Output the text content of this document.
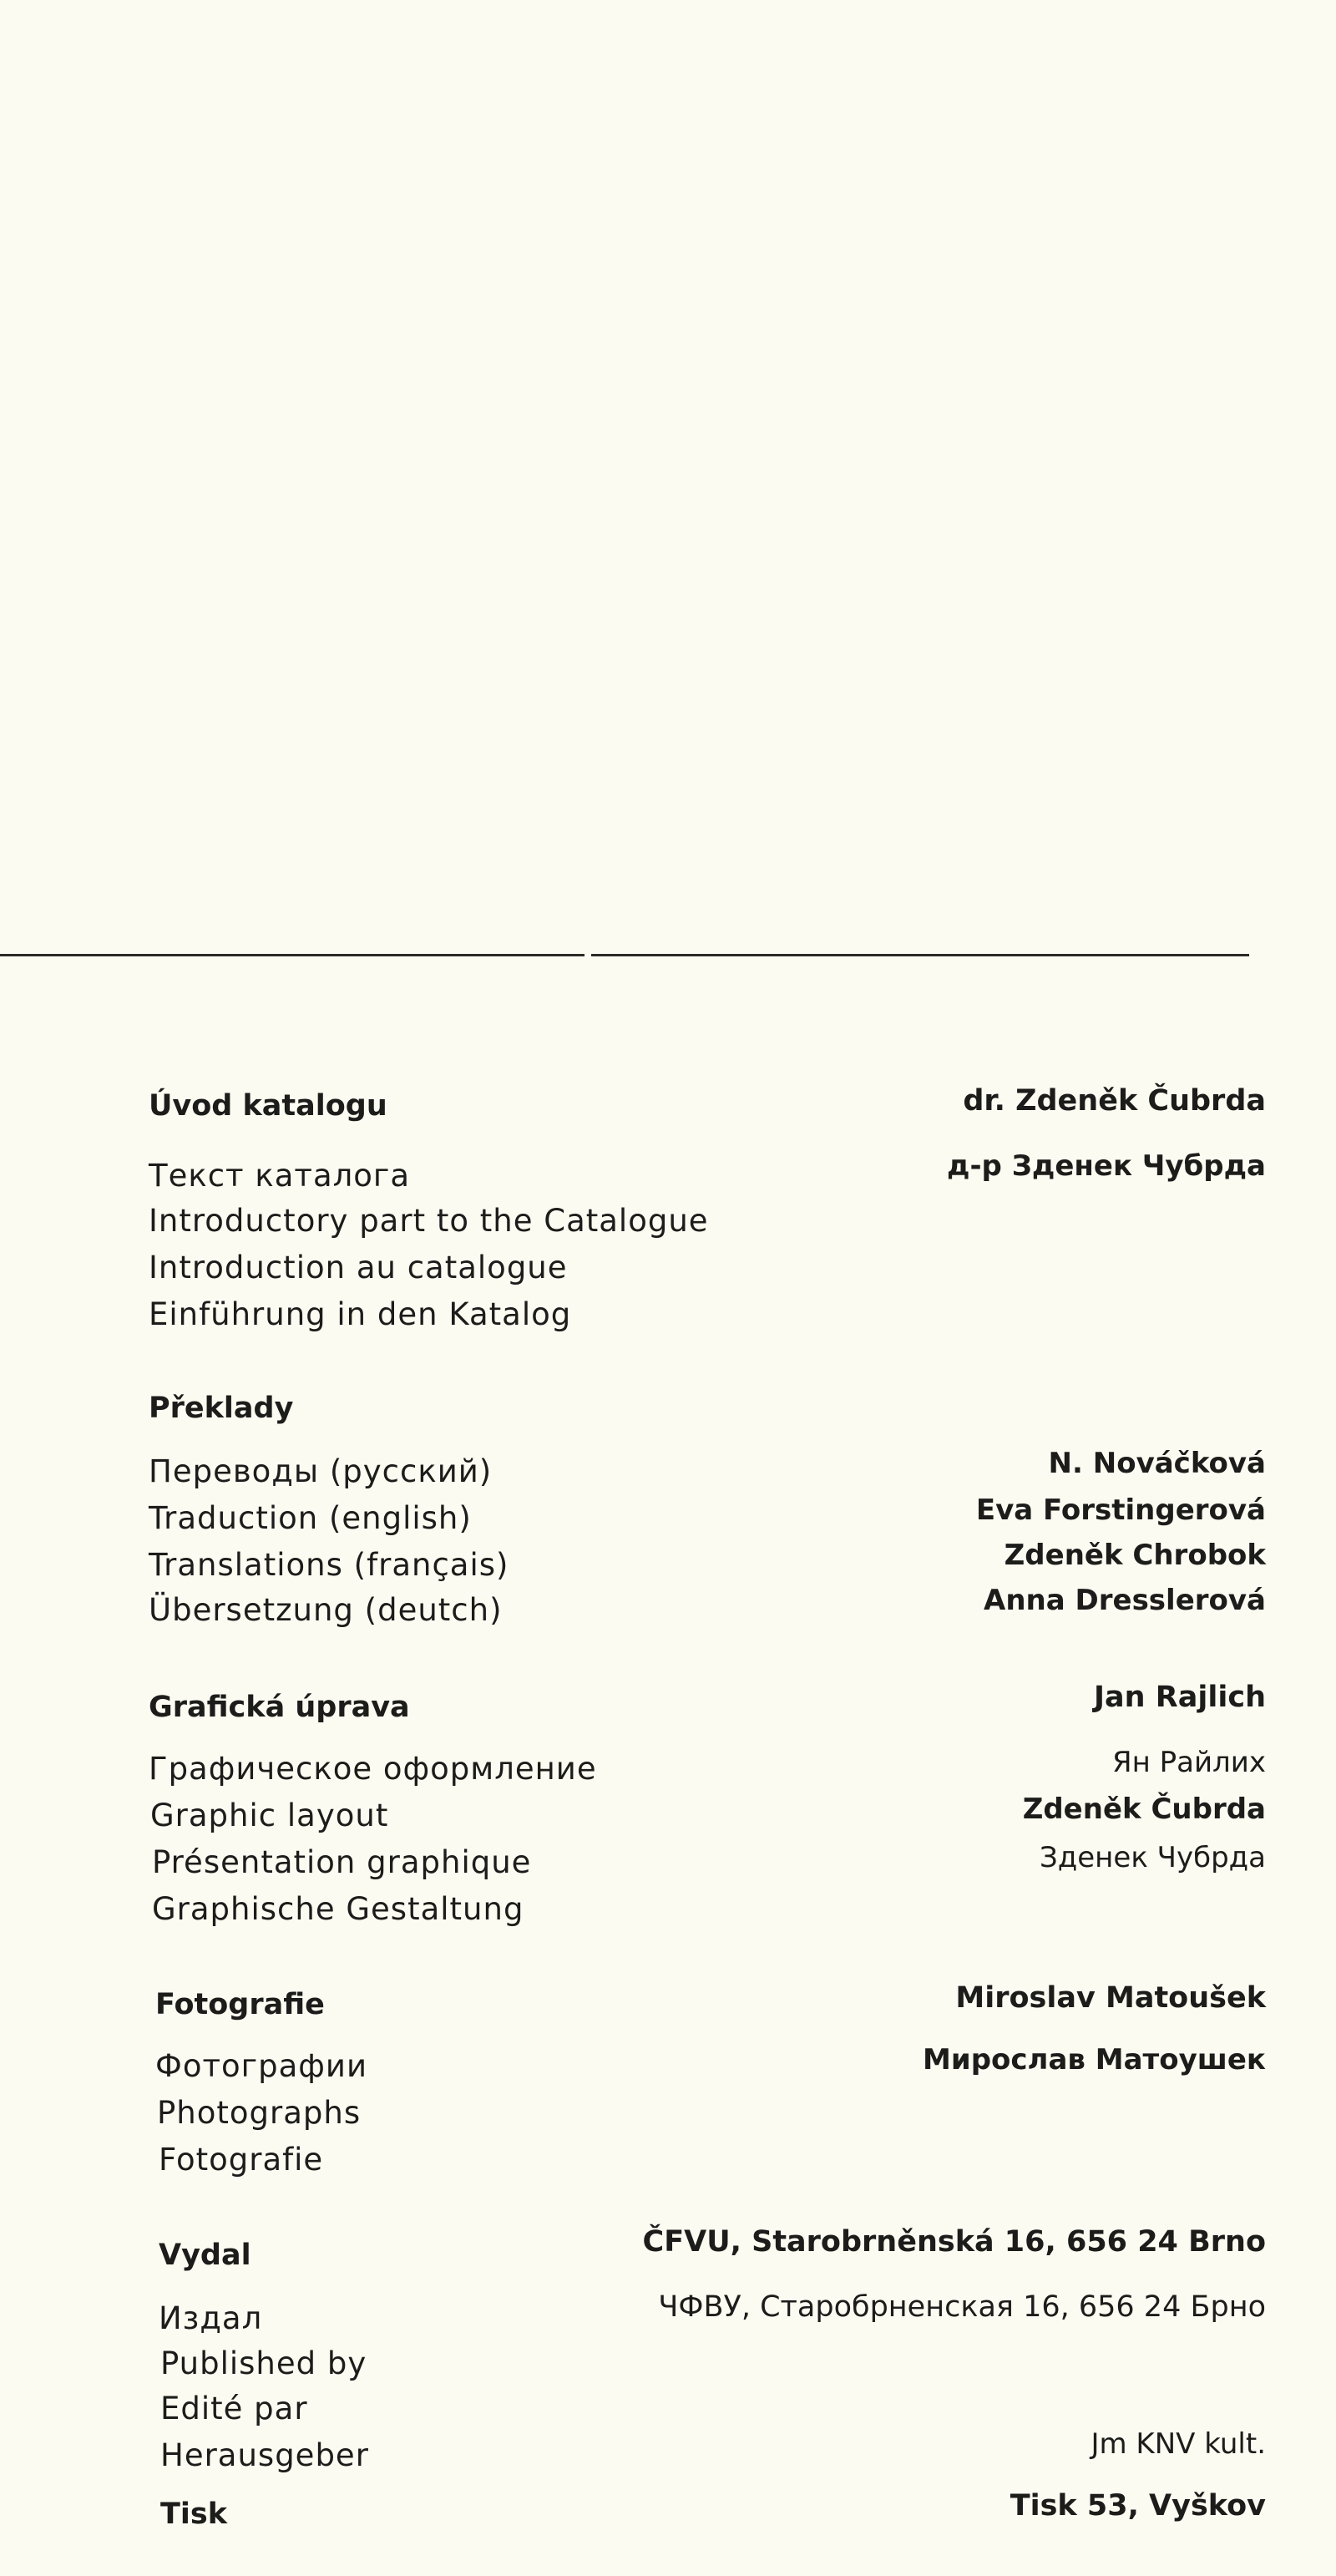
Úvod katalogu
Текст каталога
Introductory part to the Catalogue
Introduction au catalogue
Einführung in den Katalog
dr. Zdeněk Čubrda
д-р Зденек Чубрда
Překlady
Переводы (русский)
Traduction (english)
Translations (français)
Übersetzung (deutch)
N. Nováčková
Eva Forstingerová
Zdeněk Chrobok
Anna Dresslerová
Grafická úprava
Графическое оформление
Graphic layout
Présentation graphique
Graphische Gestaltung
Jan Rajlich
Ян Райлих
Zdeněk Čubrda
Зденек Чубрда
Fotografie
Фотографии
Photographs
Fotografie
Miroslav Matoušek
Мирослав Матоушек
Vydal
Издал
Published by
Edité par
Herausgeber
ČFVU, Starobrněnská 16, 656 24 Brno
ЧФВУ, Старобрненская 16, 656 24 Брно
Tisk
Jm KNV kult.
Tisk 53, Vyškov
